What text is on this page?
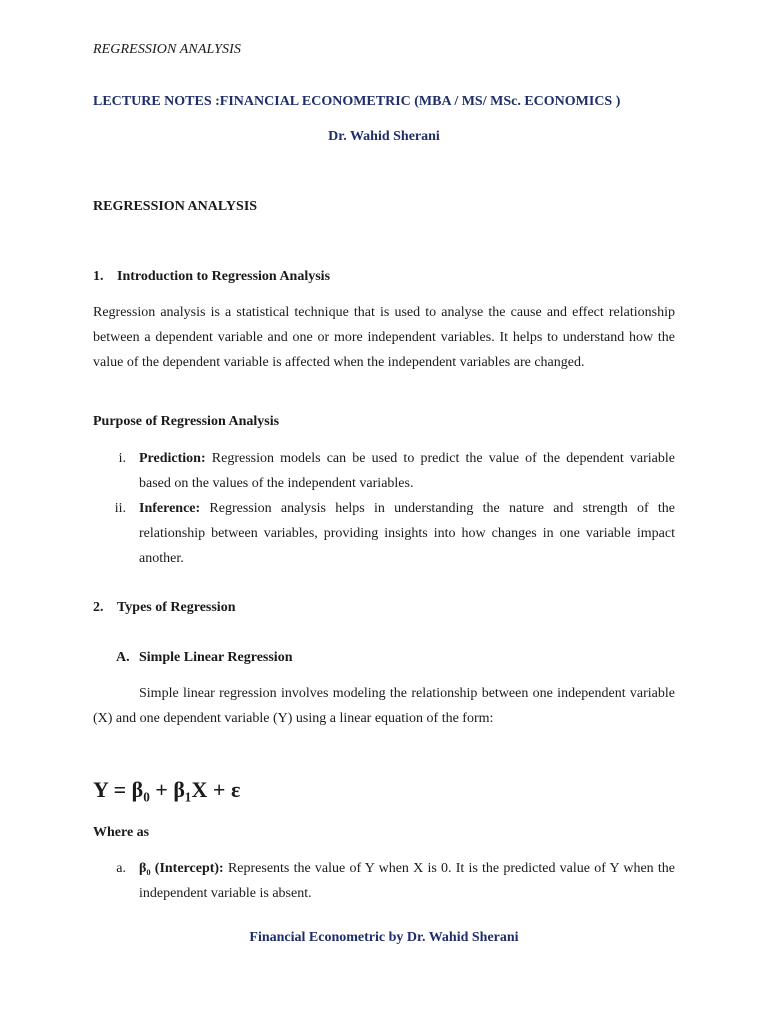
REGRESSION ANALYSIS
LECTURE NOTES :FINANCIAL ECONOMETRIC (MBA / MS/ MSc. ECONOMICS )
Dr. Wahid Sherani
REGRESSION ANALYSIS
1. Introduction to Regression Analysis
Regression analysis is a statistical technique that is used to analyse the cause and effect relationship between a dependent variable and one or more independent variables. It helps to understand how the value of the dependent variable is affected when the independent variables are changed.
Purpose of Regression Analysis
i. Prediction: Regression models can be used to predict the value of the dependent variable based on the values of the independent variables.
ii. Inference: Regression analysis helps in understanding the nature and strength of the relationship between variables, providing insights into how changes in one variable impact another.
2. Types of Regression
A. Simple Linear Regression
Simple linear regression involves modeling the relationship between one independent variable (X) and one dependent variable (Y) using a linear equation of the form:
Y = β₀ + β₁X + ε
Where as
a. β₀ (Intercept): Represents the value of Y when X is 0. It is the predicted value of Y when the independent variable is absent.
Financial Econometric by Dr. Wahid Sherani
